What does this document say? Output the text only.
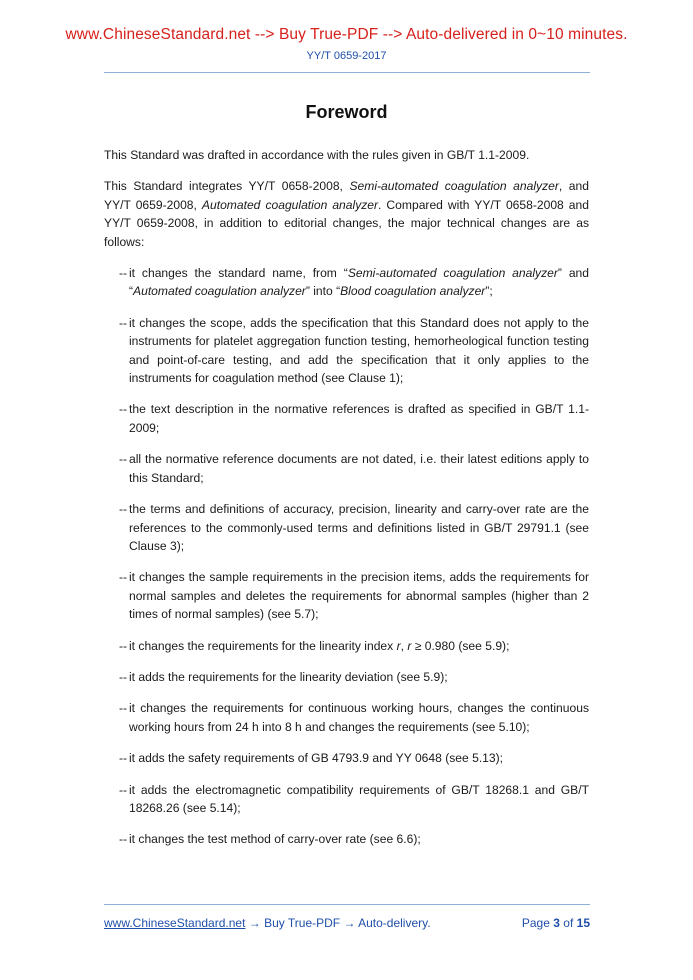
www.ChineseStandard.net --> Buy True-PDF --> Auto-delivered in 0~10 minutes.
YY/T 0659-2017
Foreword

This Standard was drafted in accordance with the rules given in GB/T 1.1-2009.

This Standard integrates YY/T 0658-2008, Semi-automated coagulation analyzer, and YY/T 0659-2008, Automated coagulation analyzer. Compared with YY/T 0658-2008 and YY/T 0659-2008, in addition to editorial changes, the major technical changes are as follows:

-- it changes the standard name, from “Semi-automated coagulation analyzer” and “Automated coagulation analyzer” into “Blood coagulation analyzer”;
-- it changes the scope, adds the specification that this Standard does not apply to the instruments for platelet aggregation function testing, hemorheological function testing and point-of-care testing, and add the specification that it only applies to the instruments for coagulation method (see Clause 1);
-- the text description in the normative references is drafted as specified in GB/T 1.1-2009;
-- all the normative reference documents are not dated, i.e. their latest editions apply to this Standard;
-- the terms and definitions of accuracy, precision, linearity and carry-over rate are the references to the commonly-used terms and definitions listed in GB/T 29791.1 (see Clause 3);
-- it changes the sample requirements in the precision items, adds the requirements for normal samples and deletes the requirements for abnormal samples (higher than 2 times of normal samples) (see 5.7);
-- it changes the requirements for the linearity index r, r ≥ 0.980 (see 5.9);
-- it adds the requirements for the linearity deviation (see 5.9);
-- it changes the requirements for continuous working hours, changes the continuous working hours from 24 h into 8 h and changes the requirements (see 5.10);
-- it adds the safety requirements of GB 4793.9 and YY 0648 (see 5.13);
-- it adds the electromagnetic compatibility requirements of GB/T 18268.1 and GB/T 18268.26 (see 5.14);
-- it changes the test method of carry-over rate (see 6.6);
www.ChineseStandard.net → Buy True-PDF → Auto-delivery.	Page 3 of 15
